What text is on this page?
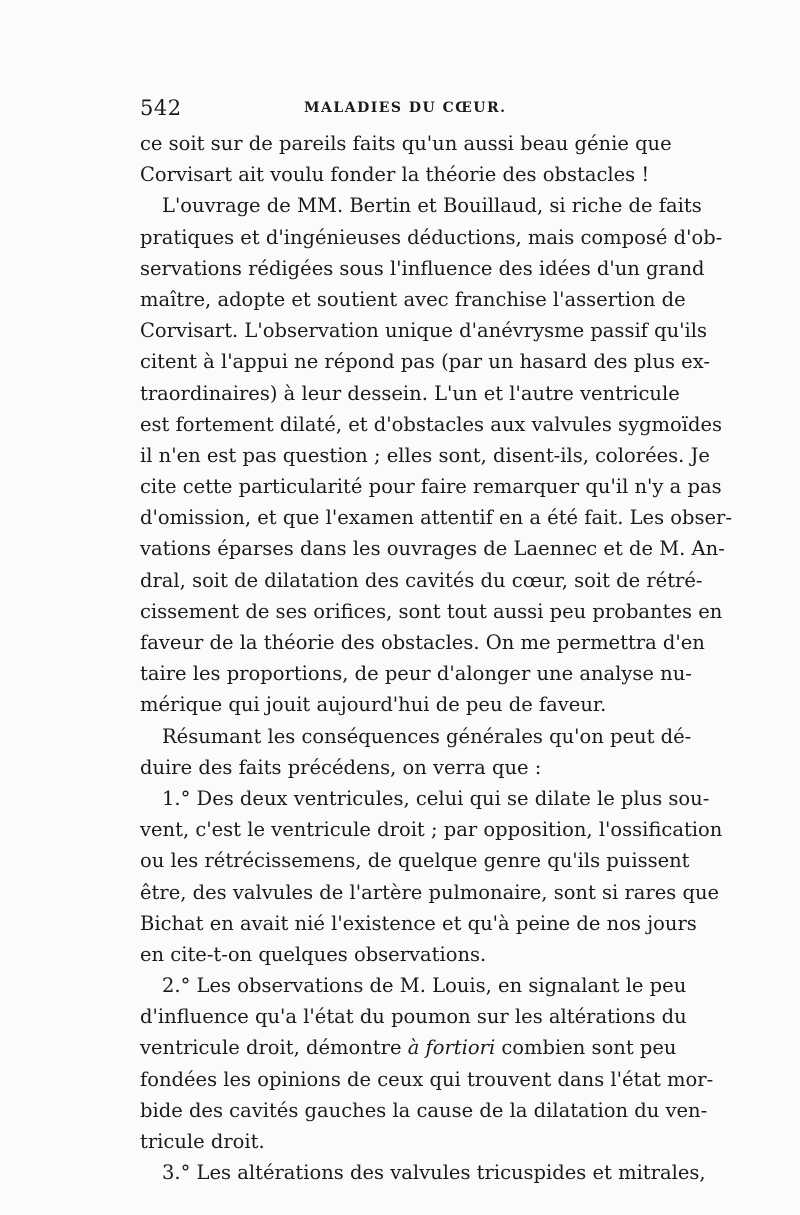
542	MALADIES DU CŒUR.
ce soit sur de pareils faits qu'un aussi beau génie que
Corvisart ait voulu fonder la théorie des obstacles !
L'ouvrage de MM. Bertin et Bouillaud, si riche de faits
pratiques et d'ingénieuses déductions, mais composé d'ob-
servations rédigées sous l'influence des idées d'un grand
maître, adopte et soutient avec franchise l'assertion de
Corvisart. L'observation unique d'anévrysme passif qu'ils
citent à l'appui ne répond pas (par un hasard des plus ex-
traordinaires) à leur dessein. L'un et l'autre ventricule
est fortement dilaté, et d'obstacles aux valvules sygmoïdes
il n'en est pas question ; elles sont, disent-ils, colorées. Je
cite cette particularité pour faire remarquer qu'il n'y a pas
d'omission, et que l'examen attentif en a été fait. Les obser-
vations éparses dans les ouvrages de Laennec et de M. An-
dral, soit de dilatation des cavités du cœur, soit de rétré-
cissement de ses orifices, sont tout aussi peu probantes en
faveur de la théorie des obstacles. On me permettra d'en
taire les proportions, de peur d'alonger une analyse nu-
mérique qui jouit aujourd'hui de peu de faveur.
Résumant les conséquences générales qu'on peut dé-
duire des faits précédens, on verra que :
1.° Des deux ventricules, celui qui se dilate le plus sou-
vent, c'est le ventricule droit ; par opposition, l'ossification
ou les rétrécissemens, de quelque genre qu'ils puissent
être, des valvules de l'artère pulmonaire, sont si rares que
Bichat en avait nié l'existence et qu'à peine de nos jours
en cite-t-on quelques observations.
2.° Les observations de M. Louis, en signalant le peu
d'influence qu'a l'état du poumon sur les altérations du
ventricule droit, démontre à fortiori combien sont peu
fondées les opinions de ceux qui trouvent dans l'état mor-
bide des cavités gauches la cause de la dilatation du ven-
tricule droit.
3.° Les altérations des valvules tricuspides et mitrales,
